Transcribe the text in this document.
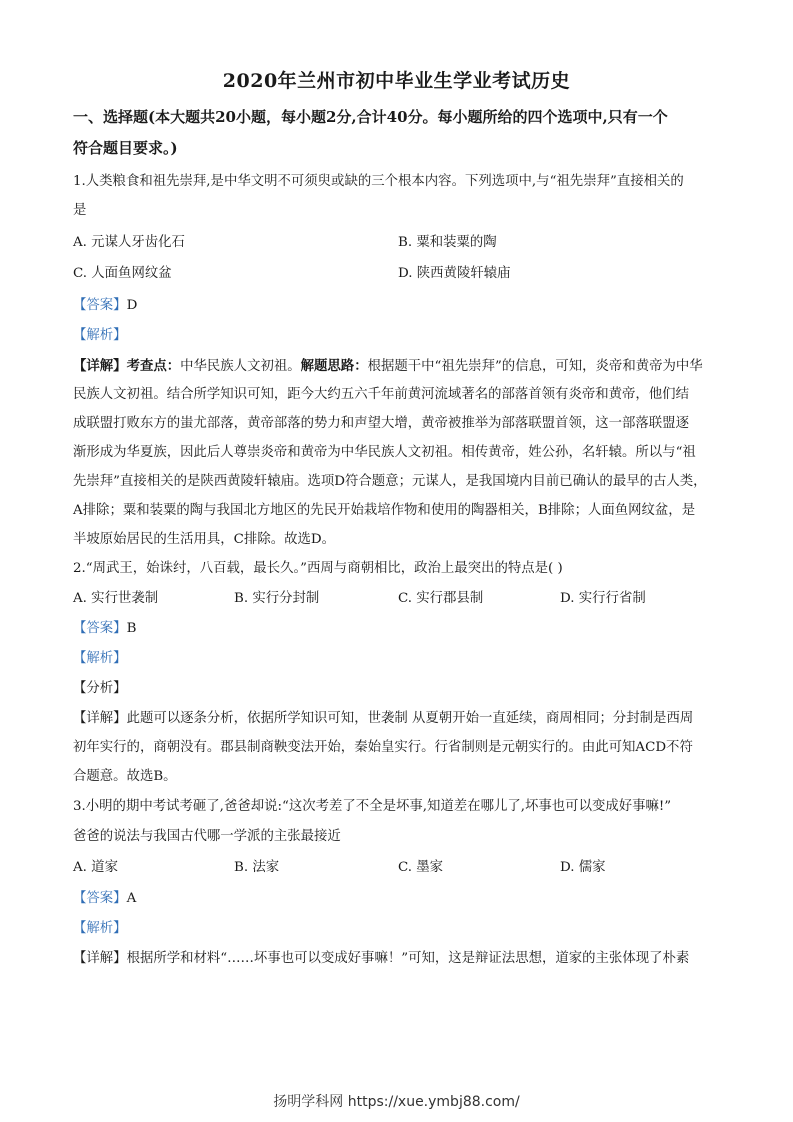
2020年兰州市初中毕业生学业考试历史
一、选择题(本大题共20小题，每小题2分,合计40分。每小题所给的四个选项中,只有一个
符合题目要求。)
1.人类粮食和祖先崇拜,是中华文明不可须臾或缺的三个根本内容。下列选项中,与“祖先崇拜”直接相关的
是
A. 元谋人牙齿化石	B. 粟和装粟的陶
C. 人面鱼网纹盆	D. 陕西黄陵轩辕庙
【答案】D
【解析】
【详解】考查点：中华民族人文初祖。解题思路：根据题干中“祖先崇拜”的信息，可知，炎帝和黄帝为中华
民族人文初祖。结合所学知识可知，距今大约五六千年前黄河流域著名的部落首领有炎帝和黄帝，他们结
成联盟打败东方的蚩尤部落，黄帝部落的势力和声望大增，黄帝被推举为部落联盟首领，这一部落联盟逐
渐形成为华夏族，因此后人尊崇炎帝和黄帝为中华民族人文初祖。相传黄帝，姓公孙，名轩辕。所以与“祖
先崇拜”直接相关的是陕西黄陵轩辕庙。选项D符合题意；元谋人，是我国境内目前已确认的最早的古人类，
A排除；粟和装粟的陶与我国北方地区的先民开始栽培作物和使用的陶器相关，B排除；人面鱼网纹盆，是
半坡原始居民的生活用具，C排除。故选D。
2.“周武王，始诛纣，八百载，最长久。”西周与商朝相比，政治上最突出的特点是( )
A. 实行世袭制	B. 实行分封制	C. 实行郡县制	D. 实行行省制
【答案】B
【解析】
【分析】
【详解】此题可以逐条分析，依据所学知识可知，世袭制 从夏朝开始一直延续，商周相同；分封制是西周
初年实行的，商朝没有。郡县制商鞅变法开始，秦始皇实行。行省制则是元朝实行的。由此可知ACD不符
合题意。故选B。
3.小明的期中考试考砸了,爸爸却说:“这次考差了不全是坏事,知道差在哪儿了,坏事也可以变成好事嘛!”
爸爸的说法与我国古代哪一学派的主张最接近
A. 道家	B. 法家	C. 墨家	D. 儒家
【答案】A
【解析】
【详解】根据所学和材料“……坏事也可以变成好事嘛！”可知，这是辩证法思想，道家的主张体现了朴素
扬明学科网 https://xue.ymbj88.com/
